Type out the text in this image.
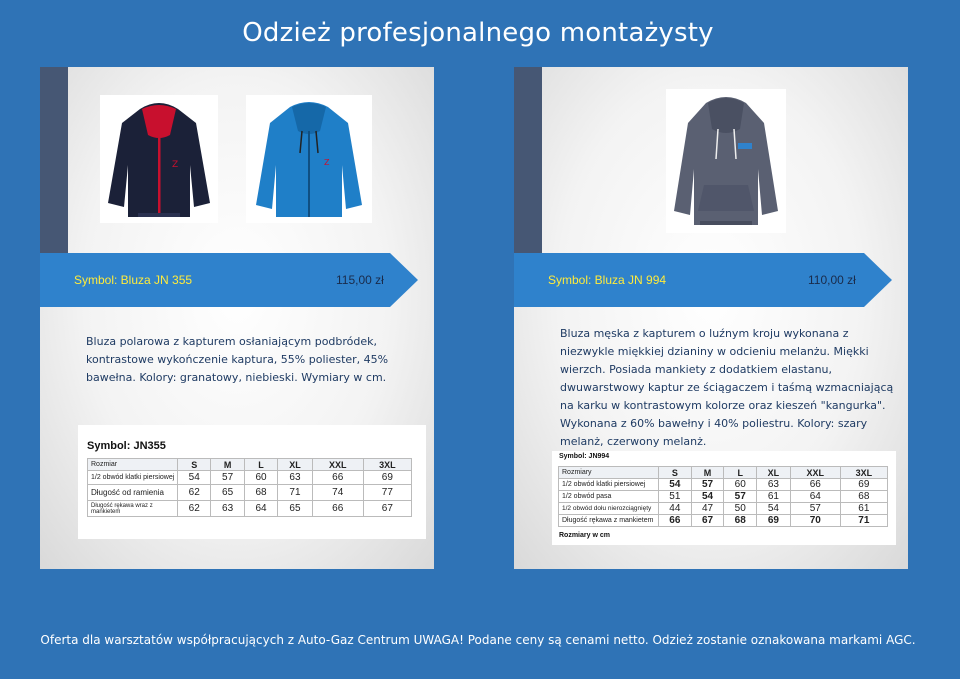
Odzież profesjonalnego montażysty
Z	Z
Symbol: Bluza JN 355	115,00 zł
Bluza polarowa z kapturem osłaniającym podbródek, kontrastowe wykończenie kaptura, 55% poliester, 45% bawełna. Kolory: granatowy, niebieski. Wymiary w cm.
Symbol: JN355
Rozmiar	S	M	L	XL	XXL	3XL
1/2 obwód klatki piersiowej	54	57	60	63	66	69
Długość od ramienia	62	65	68	71	74	77
Długość rękawa wraz z mankietem	62	63	64	65	66	67
Symbol: Bluza JN 994	110,00 zł
Bluza męska z kapturem o luźnym kroju wykonana z niezwykle miękkiej dzianiny w odcieniu melanżu. Miękki wierzch. Posiada mankiety z dodatkiem elastanu, dwuwarstwowy kaptur ze ściągaczem i taśmą wzmacniającą na karku w kontrastowym kolorze oraz kieszeń "kangurka". Wykonana z 60% bawełny i 40% poliestru. Kolory: szary melanż, czerwony melanż.
Symbol: JN994
Rozmiary	S	M	L	XL	XXL	3XL
1/2 obwód klatki piersiowej	54	57	60	63	66	69
1/2 obwód pasa	51	54	57	61	64	68
1/2 obwód dołu nierozciągnięty	44	47	50	54	57	61
Długość rękawa z mankietem	66	67	68	69	70	71
Rozmiary w cm
Oferta dla warsztatów współpracujących z Auto-Gaz Centrum UWAGA! Podane ceny są cenami netto. Odzież zostanie oznakowana markami AGC.
